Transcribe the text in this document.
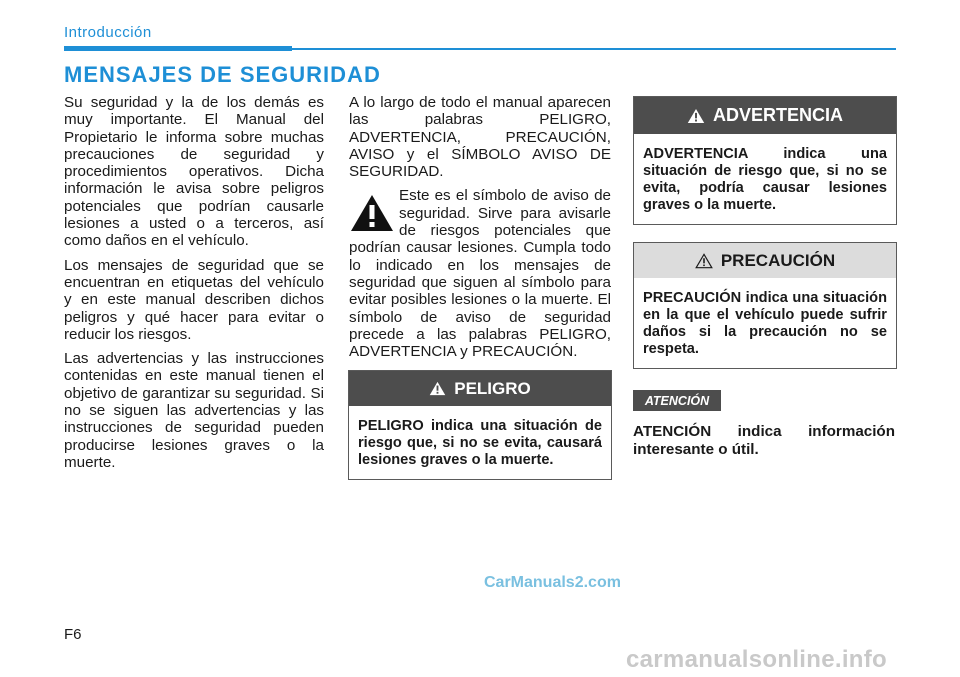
Introducción
MENSAJES DE SEGURIDAD

Su seguridad y la de los demás es muy importante. El Manual del Propietario le informa sobre muchas precauciones de seguridad y procedimientos operativos. Dicha información le avisa sobre peligros potenciales que podrían causarle lesiones a usted o a terceros, así como daños en el vehículo.

Los mensajes de seguridad que se encuentran en etiquetas del vehículo y en este manual describen dichos peligros y qué hacer para evitar o reducir los riesgos.

Las advertencias y las instrucciones contenidas en este manual tienen el objetivo de garantizar su seguridad. Si no se siguen las advertencias y las instrucciones de seguridad pueden producirse lesiones graves o la muerte.

A lo largo de todo el manual aparecen las palabras PELIGRO, ADVERTENCIA, PRECAUCIÓN, AVISO y el SÍMBOLO AVISO DE SEGURIDAD.

Este es el símbolo de aviso de seguridad. Sirve para avisarle de riesgos potenciales que podrían causar lesiones. Cumpla todo lo indicado en los mensajes de seguridad que siguen al símbolo para evitar posibles lesiones o la muerte. El símbolo de aviso de seguridad precede a las palabras PELIGRO, ADVERTENCIA y PRECAUCIÓN.
PELIGRO
PELIGRO indica una situación de riesgo que, si no se evita, causará lesiones graves o la muerte.
ADVERTENCIA
ADVERTENCIA indica una situación de riesgo que, si no se evita, podría causar lesiones graves o la muerte.
PRECAUCIÓN
PRECAUCIÓN indica una situación en la que el vehículo puede sufrir daños si la precaución no se respeta.
ATENCIÓN
ATENCIÓN indica información interesante o útil.
CarManuals2.com
F6
carmanualsonline.info
